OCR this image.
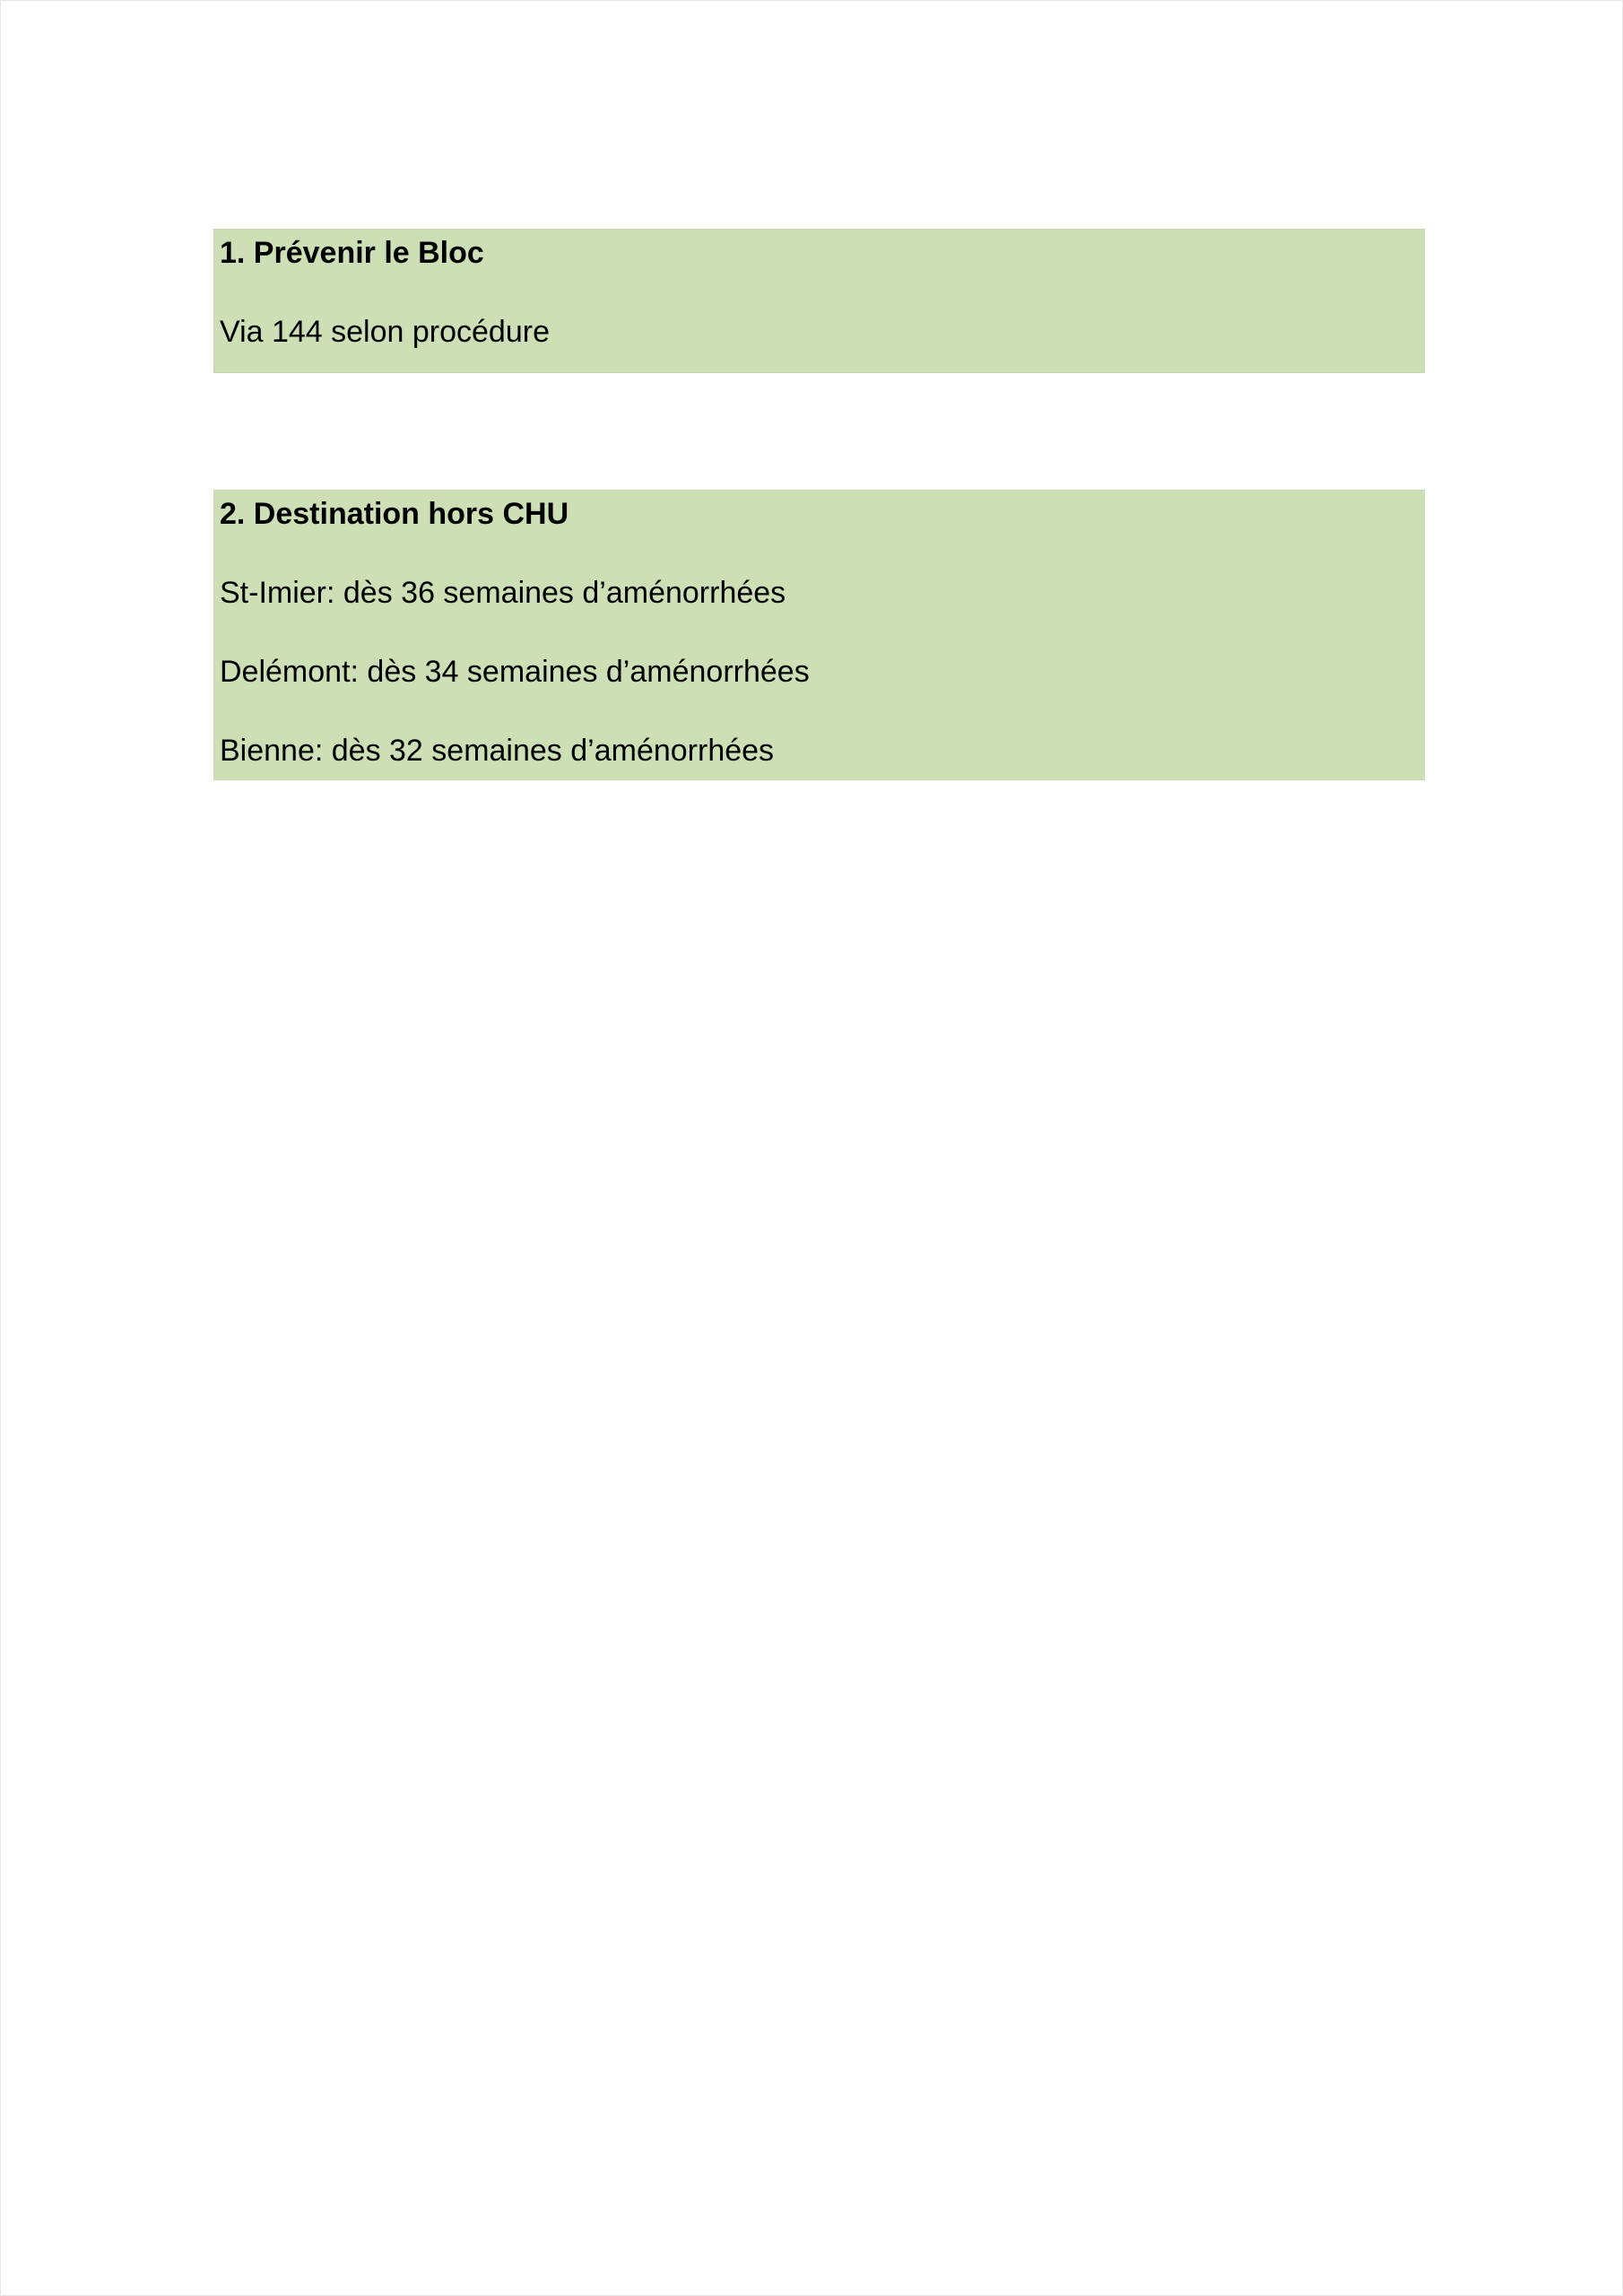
1. Prévenir le Bloc
Via 144 selon procédure
2. Destination hors CHU
St-Imier: dès 36 semaines d’aménorrhées
Delémont: dès 34 semaines d’aménorrhées
Bienne: dès 32 semaines d’aménorrhées
